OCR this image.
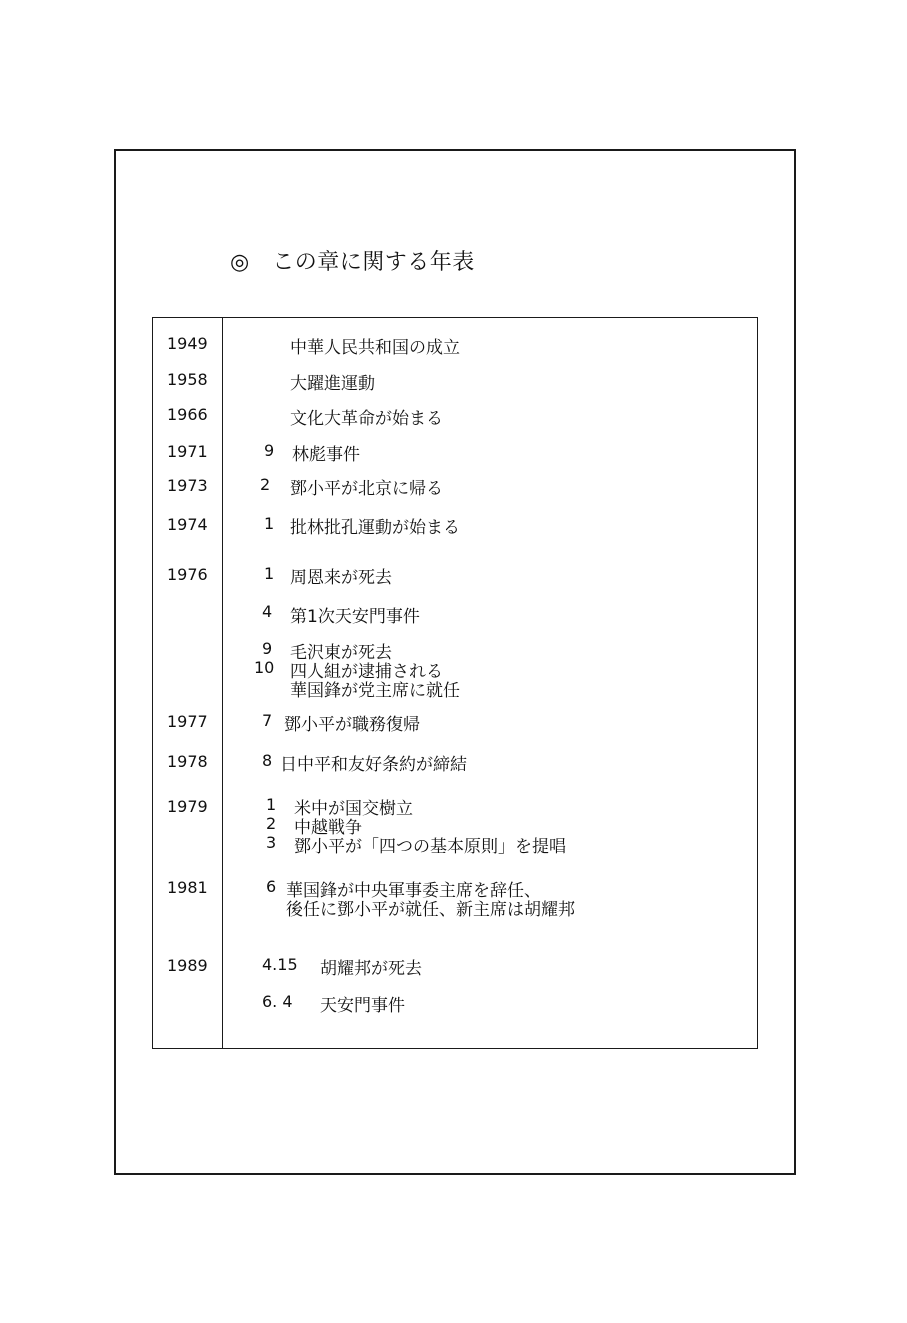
◎　 この章に関する年表
1949	中華人民共和国の成立
1958	大躍進運動
1966	文化大革命が始まる
1971	9 林彪事件
1973	2 鄧小平が北京に帰る
1974	1 批林批孔運動が始まる
1976	1 周恩来が死去
4 第1次天安門事件
9 毛沢東が死去
10 四人組が逮捕される
華国鋒が党主席に就任
1977	7 鄧小平が職務復帰
1978	8 日中平和友好条約が締結
1979	1 米中が国交樹立
2 中越戦争
3 鄧小平が「四つの基本原則」を提唱
1981	6 華国鋒が中央軍事委主席を辞任、
後任に鄧小平が就任、新主席は胡耀邦
1989	4.15 胡耀邦が死去
6. 4 天安門事件
